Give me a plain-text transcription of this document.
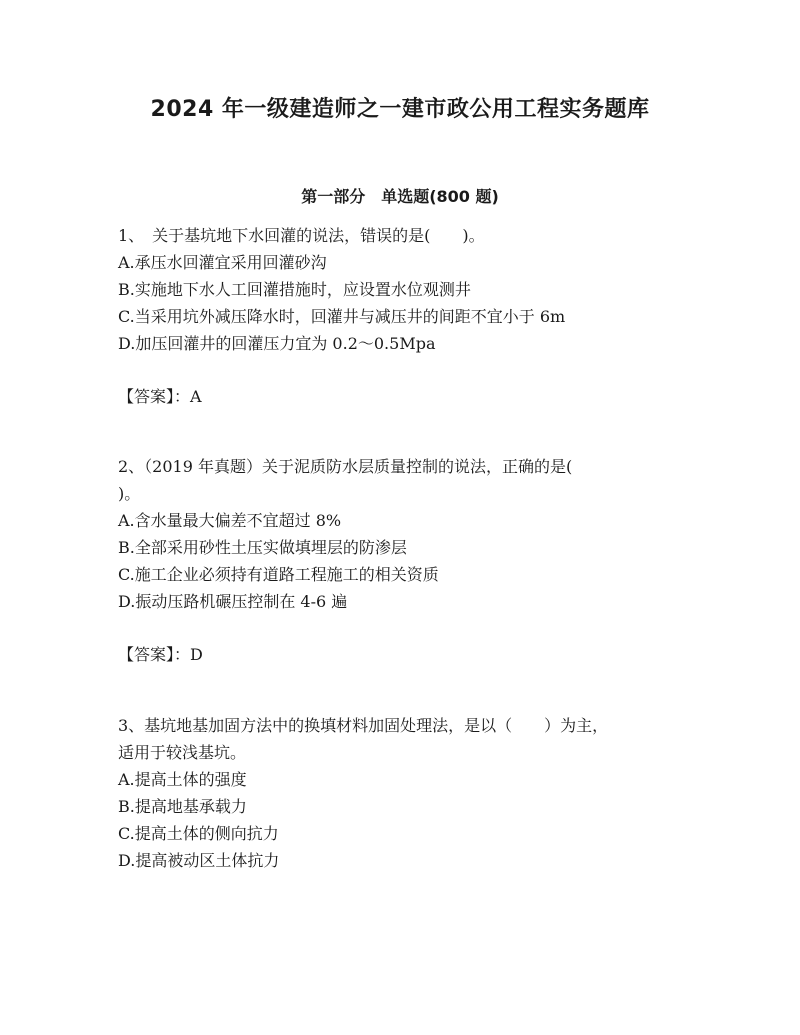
2024 年一级建造师之一建市政公用工程实务题库
第一部分　单选题(800 题)
1、　关于基坑地下水回灌的说法，错误的是(　　)。
A.承压水回灌宜采用回灌砂沟
B.实施地下水人工回灌措施时，应设置水位观测井
C.当采用坑外减压降水时，回灌井与减压井的间距不宜小于 6m
D.加压回灌井的回灌压力宜为 0.2～0.5Mpa
【答案】：A
2、（2019 年真题）关于泥质防水层质量控制的说法，正确的是(
)。
A.含水量最大偏差不宜超过 8%
B.全部采用砂性土压实做填埋层的防渗层
C.施工企业必须持有道路工程施工的相关资质
D.振动压路机碾压控制在 4-6 遍
【答案】：D
3、基坑地基加固方法中的换填材料加固处理法，是以（　　）为主，
适用于较浅基坑。
A.提高土体的强度
B.提高地基承载力
C.提高土体的侧向抗力
D.提高被动区土体抗力
